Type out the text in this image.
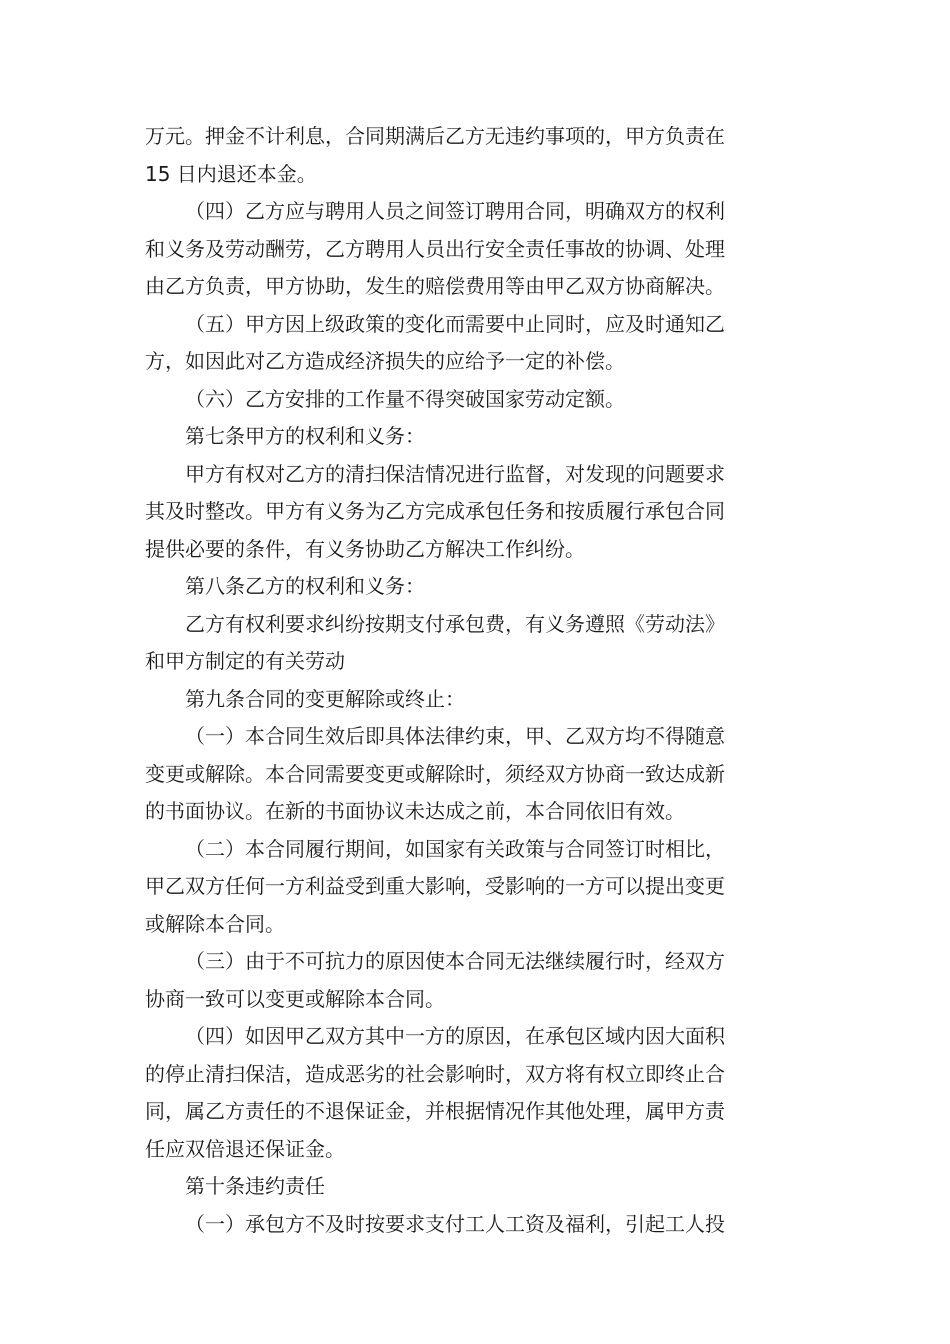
万元。押金不计利息，合同期满后乙方无违约事项的，甲方负责在
15 日内退还本金。
（四）乙方应与聘用人员之间签订聘用合同，明确双方的权利
和义务及劳动酬劳，乙方聘用人员出行安全责任事故的协调、处理
由乙方负责，甲方协助，发生的赔偿费用等由甲乙双方协商解决。
（五）甲方因上级政策的变化而需要中止同时，应及时通知乙
方，如因此对乙方造成经济损失的应给予一定的补偿。
（六）乙方安排的工作量不得突破国家劳动定额。
第七条甲方的权利和义务：
甲方有权对乙方的清扫保洁情况进行监督，对发现的问题要求
其及时整改。甲方有义务为乙方完成承包任务和按质履行承包合同
提供必要的条件，有义务协助乙方解决工作纠纷。
第八条乙方的权利和义务：
乙方有权利要求纠纷按期支付承包费，有义务遵照《劳动法》
和甲方制定的有关劳动
第九条合同的变更解除或终止：
（一）本合同生效后即具体法律约束，甲、乙双方均不得随意
变更或解除。本合同需要变更或解除时，须经双方协商一致达成新
的书面协议。在新的书面协议未达成之前，本合同依旧有效。
（二）本合同履行期间，如国家有关政策与合同签订时相比，
甲乙双方任何一方利益受到重大影响，受影响的一方可以提出变更
或解除本合同。
（三）由于不可抗力的原因使本合同无法继续履行时，经双方
协商一致可以变更或解除本合同。
（四）如因甲乙双方其中一方的原因，在承包区域内因大面积
的停止清扫保洁，造成恶劣的社会影响时，双方将有权立即终止合
同，属乙方责任的不退保证金，并根据情况作其他处理，属甲方责
任应双倍退还保证金。
第十条违约责任
（一）承包方不及时按要求支付工人工资及福利，引起工人投
